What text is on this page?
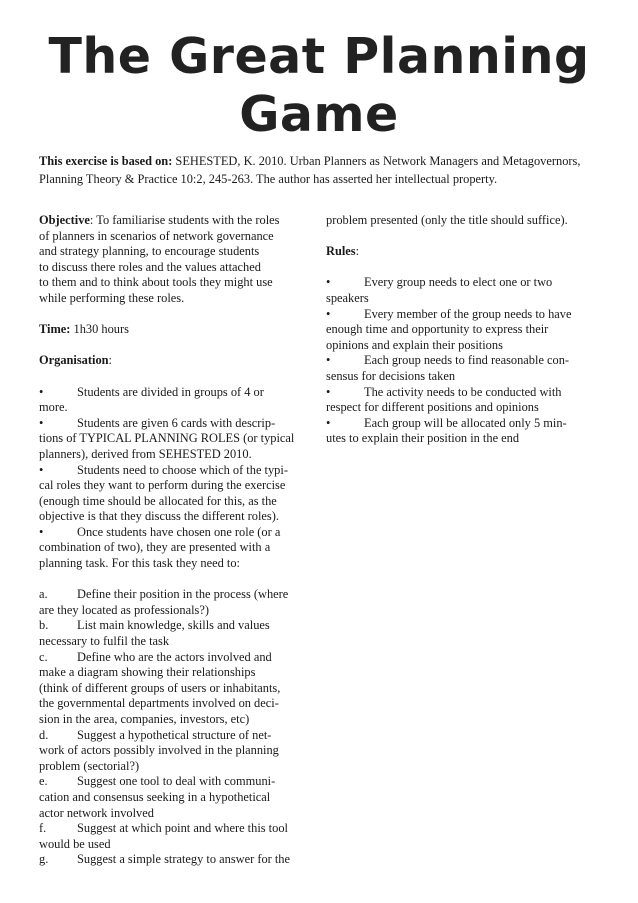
The Great Planning
Game
This exercise is based on: SEHESTED, K. 2010. Urban Planners as Network Managers and Metagovernors,
Planning Theory & Practice 10:2, 245-263. The author has asserted her intellectual property.
Objective: To familiarise students with the roles
of planners in scenarios of network governance
and strategy planning, to encourage students
to discuss there roles and the values attached
to them and to think about tools they might use
while performing these roles.
Time: 1h30 hours
Organisation:
•	Students are divided in groups of 4 or
more.
•	Students are given 6 cards with descrip-
tions of TYPICAL PLANNING ROLES (or typical
planners), derived from SEHESTED 2010.
•	Students need to choose which of the typi-
cal roles they want to perform during the exercise
(enough time should be allocated for this, as the
objective is that they discuss the different roles).
•	Once students have chosen one role (or a
combination of two), they are presented with a
planning task. For this task they need to:
a. Define their position in the process (where
are they located as professionals?)
b. List main knowledge, skills and values
necessary to fulfil the task
c. Define who are the actors involved and
make a diagram showing their relationships
(think of different groups of users or inhabitants,
the governmental departments involved on deci-
sion in the area, companies, investors, etc)
d. Suggest a hypothetical structure of net-
work of actors possibly involved in the planning
problem (sectorial?)
e. Suggest one tool to deal with communi-
cation and consensus seeking in a hypothetical
actor network involved
f. Suggest at which point and where this tool
would be used
g. Suggest a simple strategy to answer for the
problem presented (only the title should suffice).
Rules:
•	Every group needs to elect one or two
speakers
•	Every member of the group needs to have
enough time and opportunity to express their
opinions and explain their positions
•	Each group needs to find reasonable con-
sensus for decisions taken
•	The activity needs to be conducted with
respect for different positions and opinions
•	Each group will be allocated only 5 min-
utes to explain their position in the end
